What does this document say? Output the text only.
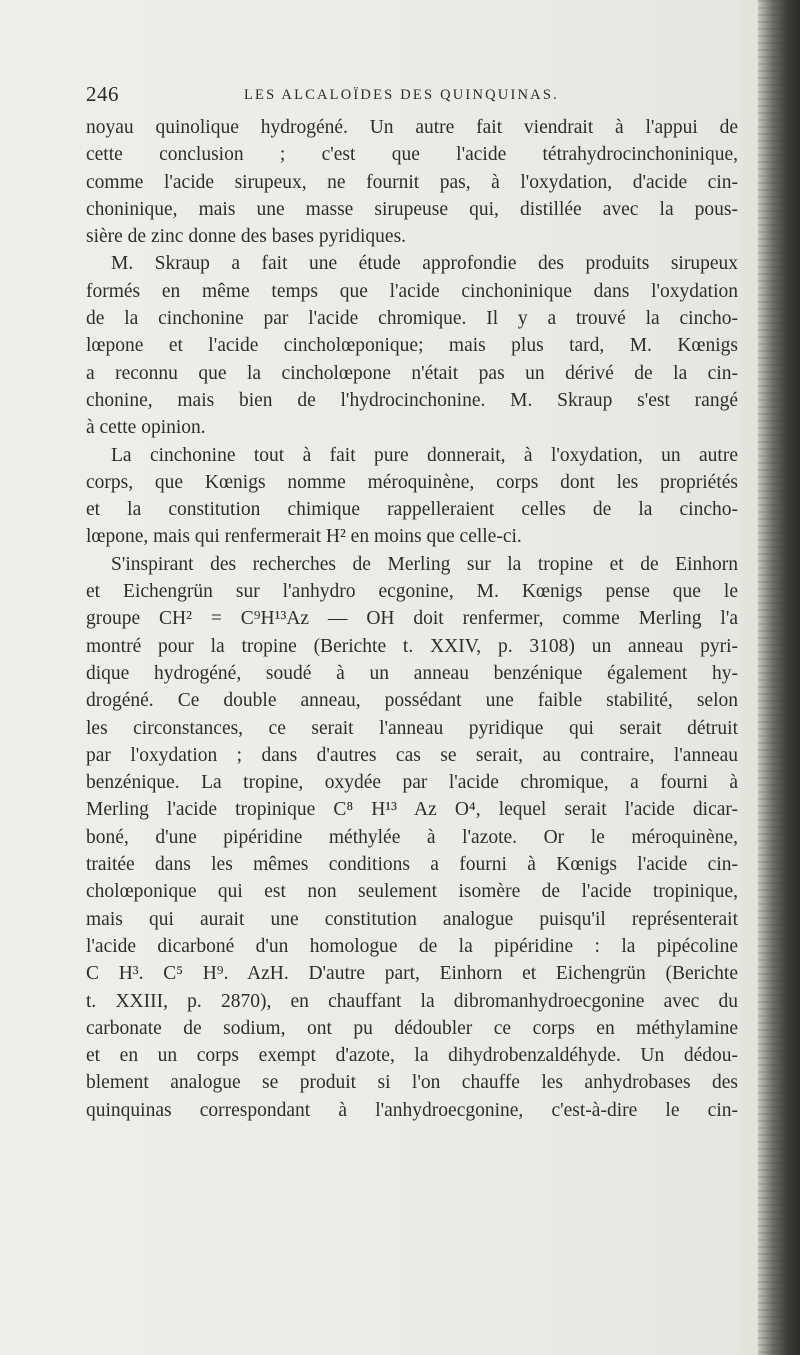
246	LES ALCALOÏDES DES QUINQUINAS.
noyau quinolique hydrogéné. Un autre fait viendrait à l'appui de
cette conclusion ; c'est que l'acide tétrahydrocinchoninique,
comme l'acide sirupeux, ne fournit pas, à l'oxydation, d'acide cin-
choninique, mais une masse sirupeuse qui, distillée avec la pous-
sière de zinc donne des bases pyridiques.
M. Skraup a fait une étude approfondie des produits sirupeux
formés en même temps que l'acide cinchoninique dans l'oxydation
de la cinchonine par l'acide chromique. Il y a trouvé la cincho-
lœpone et l'acide cincholœponique; mais plus tard, M. Kœnigs
a reconnu que la cincholœpone n'était pas un dérivé de la cin-
chonine, mais bien de l'hydrocinchonine. M. Skraup s'est rangé
à cette opinion.
La cinchonine tout à fait pure donnerait, à l'oxydation, un autre
corps, que Kœnigs nomme méroquinène, corps dont les propriétés
et la constitution chimique rappelleraient celles de la cincho-
lœpone, mais qui renfermerait H² en moins que celle-ci.
S'inspirant des recherches de Merling sur la tropine et de Einhorn
et Eichengrün sur l'anhydro ecgonine, M. Kœnigs pense que le
groupe CH² = C⁹H¹³Az — OH doit renfermer, comme Merling l'a
montré pour la tropine (Berichte t. XXIV, p. 3108) un anneau pyri-
dique hydrogéné, soudé à un anneau benzénique également hy-
drogéné. Ce double anneau, possédant une faible stabilité, selon
les circonstances, ce serait l'anneau pyridique qui serait détruit
par l'oxydation ; dans d'autres cas se serait, au contraire, l'anneau
benzénique. La tropine, oxydée par l'acide chromique, a fourni à
Merling l'acide tropinique C⁸ H¹³ Az O⁴, lequel serait l'acide dicar-
boné, d'une pipéridine méthylée à l'azote. Or le méroquinène,
traitée dans les mêmes conditions a fourni à Kœnigs l'acide cin-
cholœponique qui est non seulement isomère de l'acide tropinique,
mais qui aurait une constitution analogue puisqu'il représenterait
l'acide dicarboné d'un homologue de la pipéridine : la pipécoline
C H³. C⁵ H⁹. AzH. D'autre part, Einhorn et Eichengrün (Berichte
t. XXIII, p. 2870), en chauffant la dibromanhydroecgonine avec du
carbonate de sodium, ont pu dédoubler ce corps en méthylamine
et en un corps exempt d'azote, la dihydrobenzaldéhyde. Un dédou-
blement analogue se produit si l'on chauffe les anhydrobases des
quinquinas correspondant à l'anhydroecgonine, c'est-à-dire le cin-
